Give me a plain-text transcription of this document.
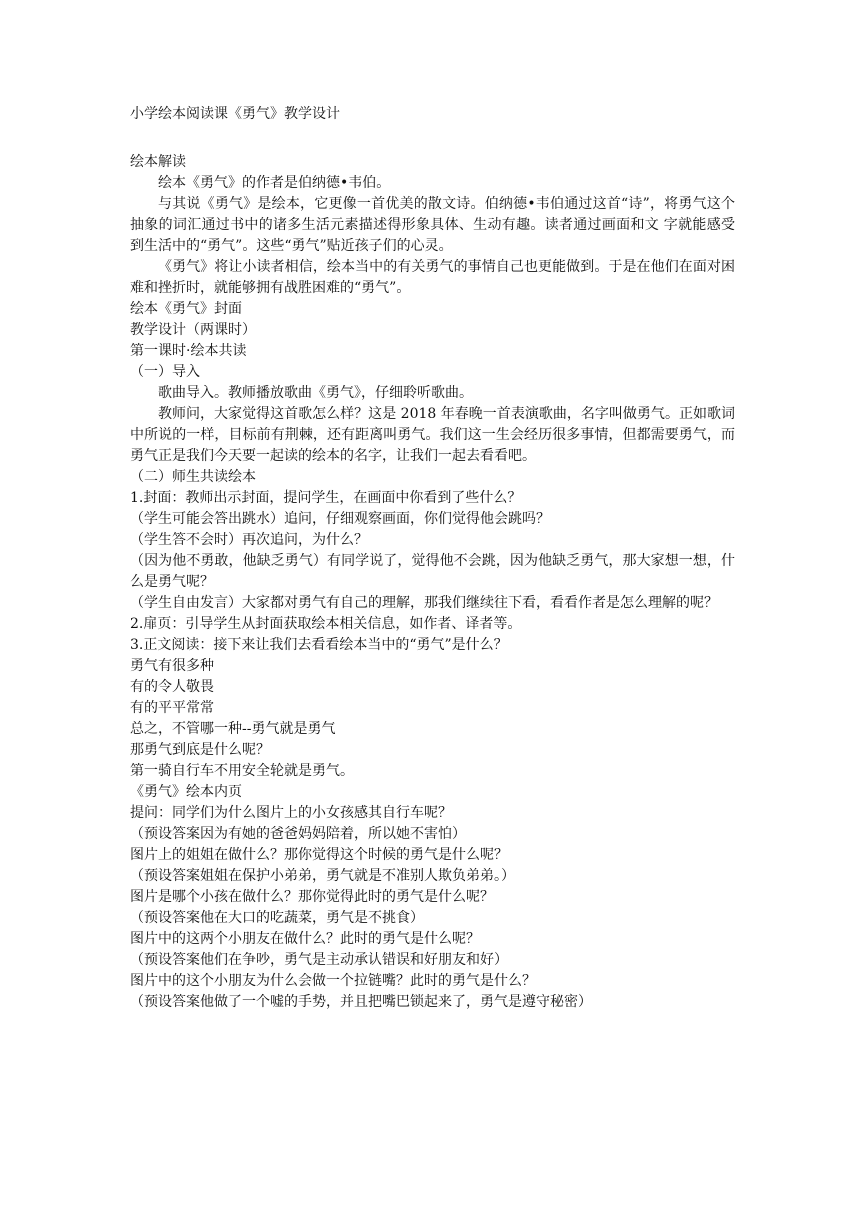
小学绘本阅读课《勇气》教学设计

绘本解读

绘本《勇气》的作者是伯纳德•韦伯。

与其说《勇气》是绘本，它更像一首优美的散文诗。伯纳德•韦伯通过这首“诗”，将勇气这个抽象的词汇通过书中的诸多生活元素描述得形象具体、生动有趣。读者通过画面和文 字就能感受到生活中的“勇气”。这些“勇气”贴近孩子们的心灵。

《勇气》将让小读者相信，绘本当中的有关勇气的事情自己也更能做到。于是在他们在面对困难和挫折时，就能够拥有战胜困难的“勇气”。

绘本《勇气》封面

教学设计（两课时）

第一课时·绘本共读

（一）导入

歌曲导入。教师播放歌曲《勇气》，仔细聆听歌曲。

教师问，大家觉得这首歌怎么样？这是 2018 年春晚一首表演歌曲，名字叫做勇气。正如歌词中所说的一样，目标前有荆棘，还有距离叫勇气。我们这一生会经历很多事情，但都需要勇气，而勇气正是我们今天要一起读的绘本的名字，让我们一起去看看吧。

（二）师生共读绘本

1.封面：教师出示封面，提问学生，在画面中你看到了些什么？

（学生可能会答出跳水）追问，仔细观察画面，你们觉得他会跳吗？

（学生答不会时）再次追问，为什么？

（因为他不勇敢，他缺乏勇气）有同学说了，觉得他不会跳，因为他缺乏勇气，那大家想一想，什么是勇气呢？

（学生自由发言）大家都对勇气有自己的理解，那我们继续往下看，看看作者是怎么理解的呢？

2.扉页：引导学生从封面获取绘本相关信息，如作者、译者等。

3.正文阅读：接下来让我们去看看绘本当中的“勇气”是什么？

勇气有很多种

有的令人敬畏

有的平平常常

总之，不管哪一种--勇气就是勇气

那勇气到底是什么呢？

第一骑自行车不用安全轮就是勇气。

《勇气》绘本内页

提问：同学们为什么图片上的小女孩感其自行车呢？

（预设答案因为有她的爸爸妈妈陪着，所以她不害怕）

图片上的姐姐在做什么？那你觉得这个时候的勇气是什么呢？

（预设答案姐姐在保护小弟弟，勇气就是不准别人欺负弟弟。）

图片是哪个小孩在做什么？那你觉得此时的勇气是什么呢？

（预设答案他在大口的吃蔬菜，勇气是不挑食）

图片中的这两个小朋友在做什么？此时的勇气是什么呢？

（预设答案他们在争吵，勇气是主动承认错误和好朋友和好）

图片中的这个小朋友为什么会做一个拉链嘴？此时的勇气是什么？

（预设答案他做了一个嘘的手势，并且把嘴巴锁起来了，勇气是遵守秘密）
